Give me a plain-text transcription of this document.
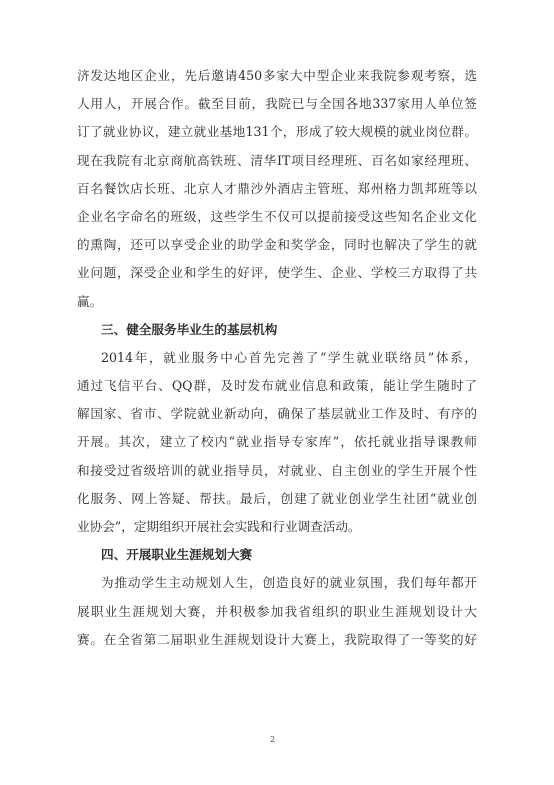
济发达地区企业，先后邀请450多家大中型企业来我院参观考察，选
人用人，开展合作。截至目前，我院已与全国各地337家用人单位签
订了就业协议，建立就业基地131个，形成了较大规模的就业岗位群。
现在我院有北京商航高铁班、清华IT项目经理班、百名如家经理班、
百名餐饮店长班、北京人才鼎沙外酒店主管班、郑州格力凯邦班等以
企业名字命名的班级，这些学生不仅可以提前接受这些知名企业文化
的熏陶，还可以享受企业的助学金和奖学金，同时也解决了学生的就
业问题，深受企业和学生的好评，使学生、企业、学校三方取得了共
赢。
三、健全服务毕业生的基层机构
2014年，就业服务中心首先完善了“学生就业联络员”体系，
通过飞信平台、QQ群，及时发布就业信息和政策，能让学生随时了
解国家、省市、学院就业新动向，确保了基层就业工作及时、有序的
开展。其次，建立了校内“就业指导专家库”，依托就业指导课教师
和接受过省级培训的就业指导员，对就业、自主创业的学生开展个性
化服务、网上答疑、帮扶。最后，创建了就业创业学生社团“就业创
业协会”，定期组织开展社会实践和行业调查活动。
四、开展职业生涯规划大赛
为推动学生主动规划人生，创造良好的就业氛围，我们每年都开
展职业生涯规划大赛，并积极参加我省组织的职业生涯规划设计大
赛。在全省第二届职业生涯规划设计大赛上，我院取得了一等奖的好
2
